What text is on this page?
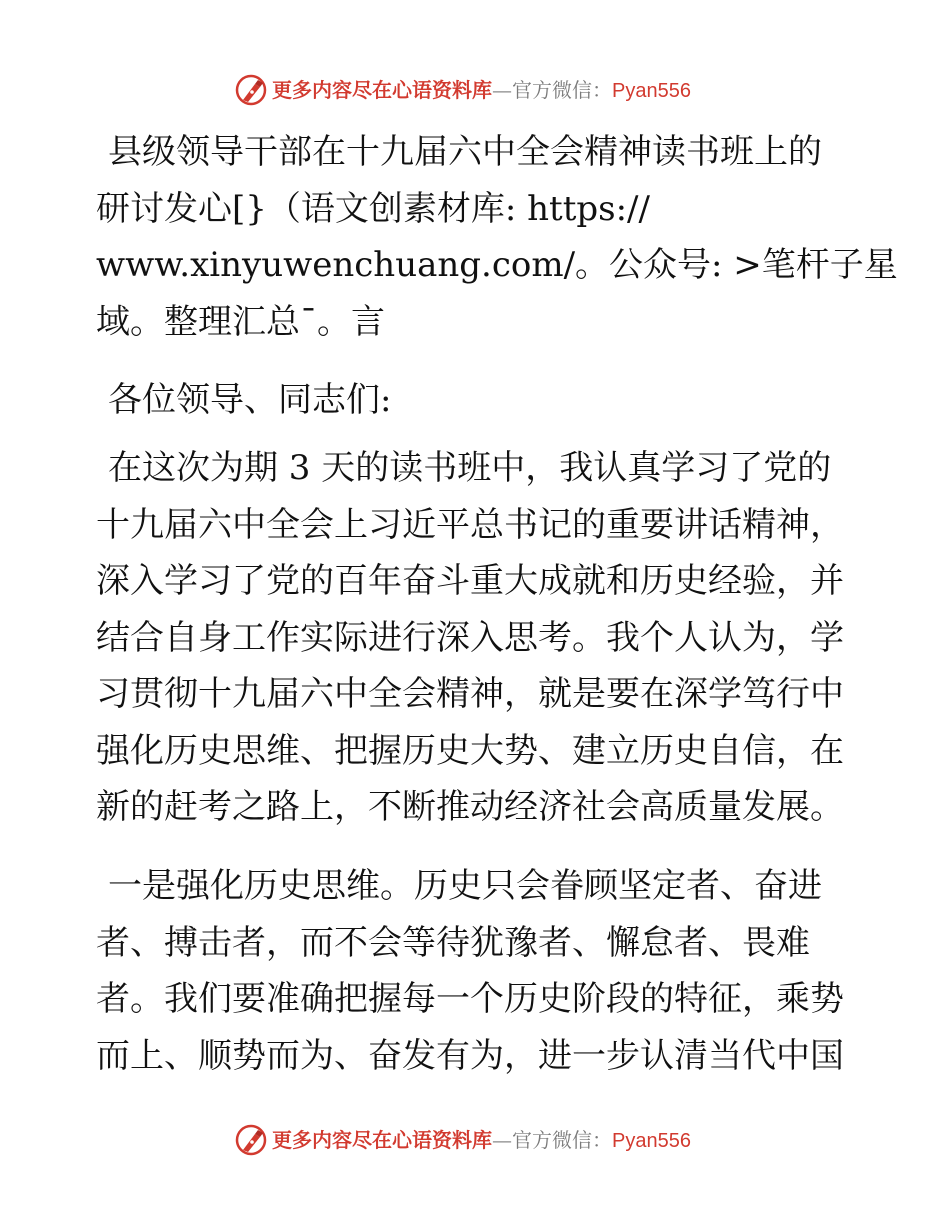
更多内容尽在心语资料库—官方微信：Pyan556
县级领导干部在十九届六中全会精神读书班上的
研讨发心[}（语文创素材库: https://
www.xinyuwenchuang.com/。公众号: >笔杆子星
域。整理汇总¯。言
各位领导、同志们:
在这次为期 3 天的读书班中，我认真学习了党的
十九届六中全会上习近平总书记的重要讲话精神，
深入学习了党的百年奋斗重大成就和历史经验，并
结合自身工作实际进行深入思考。我个人认为，学
习贯彻十九届六中全会精神，就是要在深学笃行中
强化历史思维、把握历史大势、建立历史自信，在
新的赶考之路上，不断推动经济社会高质量发展。
一是强化历史思维。历史只会眷顾坚定者、奋进
者、搏击者，而不会等待犹豫者、懈怠者、畏难
者。我们要准确把握每一个历史阶段的特征，乘势
而上、顺势而为、奋发有为，进一步认清当代中国
更多内容尽在心语资料库—官方微信：Pyan556
